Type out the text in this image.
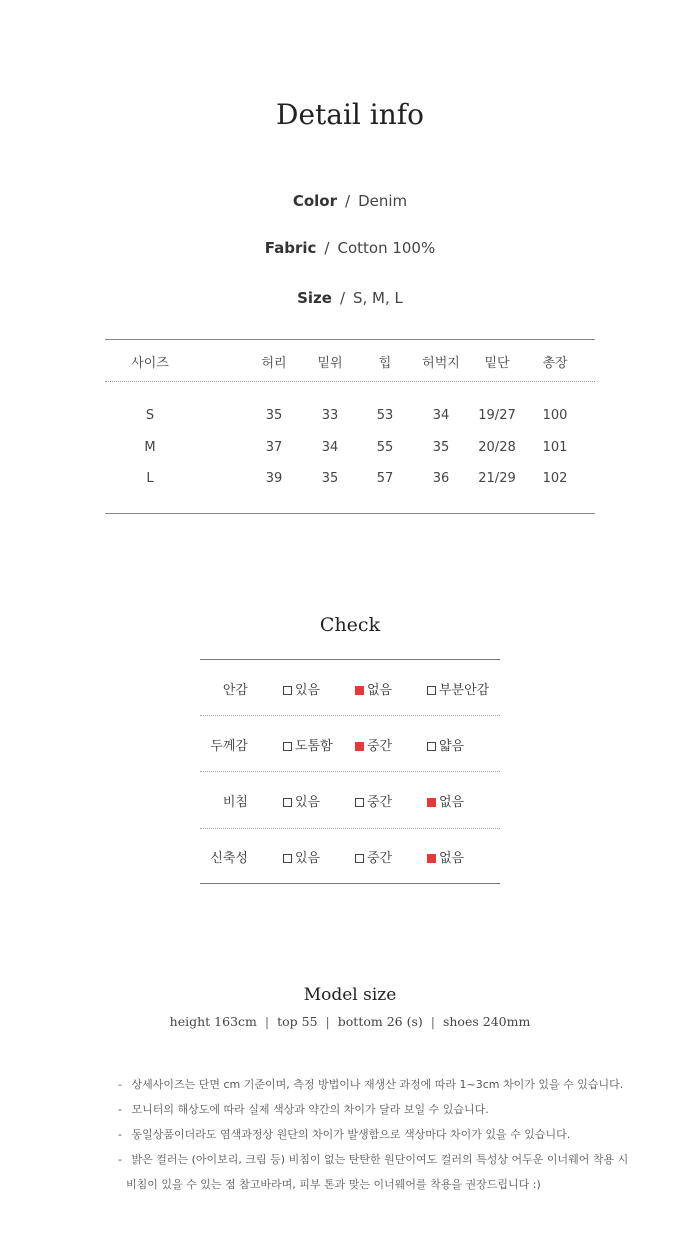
Detail info
Color / Denim
Fabric / Cotton 100%
Size / S, M, L
사이즈	허리	밑위	힙	허벅지	밑단	총장
S	35	33	53	34	19/27	100
M	37	34	55	35	20/28	101
L	39	35	57	36	21/29	102
Check
안감	있음	없음	부분안감
두께감	도톰함	중간	얇음
비침	있음	중간	없음
신축성	있음	중간	없음
Model size
height 163cm | top 55 | bottom 26 (s) | shoes 240mm
- 상세사이즈는 단면 cm 기준이며, 측정 방법이나 재생산 과정에 따라 1~3cm 차이가 있을 수 있습니다.
- 모니터의 해상도에 따라 실제 색상과 약간의 차이가 달라 보일 수 있습니다.
- 동일상품이더라도 염색과정상 원단의 차이가 발생함으로 색상마다 차이가 있을 수 있습니다.
- 밝은 컬러는 (아이보리, 크림 등) 비침이 없는 탄탄한 원단이여도 컬러의 특성상 어두운 이너웨어 착용 시
비침이 있을 수 있는 점 참고바라며, 피부 톤과 맞는 이너웨어를 착용을 권장드립니다 :)
